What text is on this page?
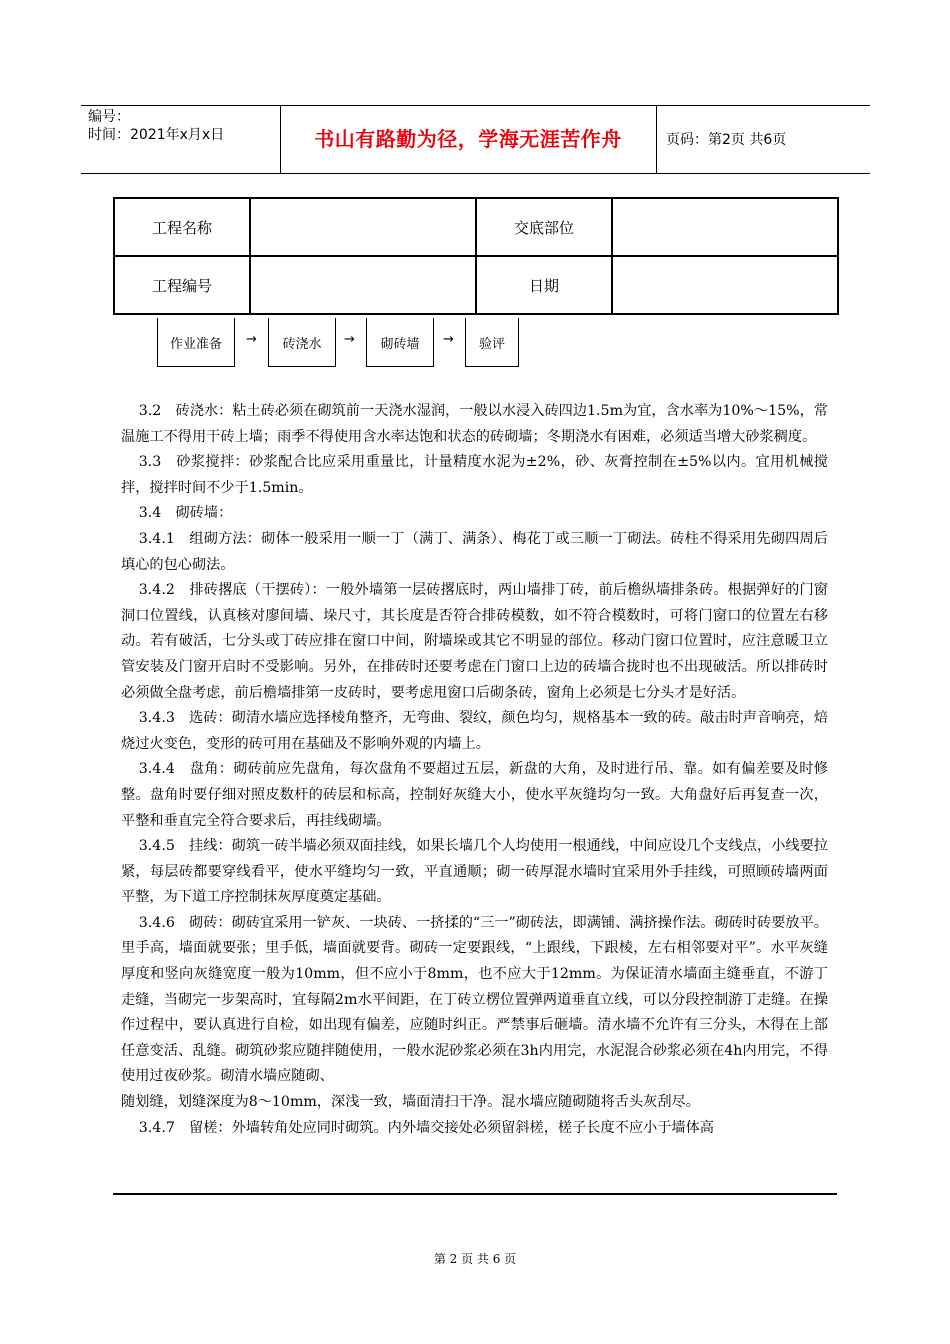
编号：
时间：2021年x月x日	书山有路勤为径，学海无涯苦作舟	页码：第2页 共6页
工程名称		交底部位	
工程编号		日期	
作业准备	→	砖浇水	→	砌砖墙	→	验评

3.2　砖浇水：粘土砖必须在砌筑前一天浇水湿润，一般以水浸入砖四边1.5m为宜，含水率为10%～15%，常温施工不得用干砖上墙；雨季不得使用含水率达饱和状态的砖砌墙；冬期浇水有困难，必须适当增大砂浆稠度。

3.3　砂浆搅拌：砂浆配合比应采用重量比，计量精度水泥为±2%，砂、灰膏控制在±5%以内。宜用机械搅拌，搅拌时间不少于1.5min。

3.4　砌砖墙：

3.4.1　组砌方法：砌体一般采用一顺一丁（满丁、满条）、梅花丁或三顺一丁砌法。砖柱不得采用先砌四周后填心的包心砌法。

3.4.2　排砖撂底（干摆砖）：一般外墙第一层砖撂底时，两山墙排丁砖，前后檐纵墙排条砖。根据弹好的门窗洞口位置线，认真核对廖间墙、垛尺寸，其长度是否符合排砖模数，如不符合模数时，可将门窗口的位置左右移动。若有破活，七分头或丁砖应排在窗口中间，附墙垛或其它不明显的部位。移动门窗口位置时，应注意暖卫立管安装及门窗开启时不受影响。另外，在排砖时还要考虑在门窗口上边的砖墙合拢时也不出现破活。所以排砖时必须做全盘考虑，前后檐墙排第一皮砖时，要考虑甩窗口后砌条砖，窗角上必须是七分头才是好活。

3.4.3　选砖：砌清水墙应选择棱角整齐，无弯曲、裂纹，颜色均匀，规格基本一致的砖。敲击时声音响亮，焙烧过火变色，变形的砖可用在基础及不影响外观的内墙上。

3.4.4　盘角：砌砖前应先盘角，每次盘角不要超过五层，新盘的大角，及时进行吊、靠。如有偏差要及时修整。盘角时要仔细对照皮数杆的砖层和标高，控制好灰缝大小，使水平灰缝均匀一致。大角盘好后再复查一次，平整和垂直完全符合要求后，再挂线砌墙。

3.4.5　挂线：砌筑一砖半墙必须双面挂线，如果长墙几个人均使用一根通线，中间应设几个支线点，小线要拉紧，每层砖都要穿线看平，使水平缝均匀一致，平直通顺；砌一砖厚混水墙时宜采用外手挂线，可照顾砖墙两面平整，为下道工序控制抹灰厚度奠定基础。

3.4.6　砌砖：砌砖宜采用一铲灰、一块砖、一挤揉的“三一”砌砖法，即满铺、满挤操作法。砌砖时砖要放平。里手高，墙面就要张；里手低，墙面就要背。砌砖一定要跟线，“上跟线，下跟棱，左右相邻要对平”。水平灰缝厚度和竖向灰缝宽度一般为10mm，但不应小于8mm，也不应大于12mm。为保证清水墙面主缝垂直，不游丁走缝，当砌完一步架高时，宜每隔2m水平间距，在丁砖立楞位置弹两道垂直立线，可以分段控制游丁走缝。在操作过程中，要认真进行自检，如出现有偏差，应随时纠正。严禁事后砸墙。清水墙不允许有三分头，木得在上部任意变活、乱缝。砌筑砂浆应随拌随使用，一般水泥砂浆必须在3h内用完，水泥混合砂浆必须在4h内用完，不得使用过夜砂浆。砌清水墙应随砌、

随划缝，划缝深度为8～10mm，深浅一致，墙面清扫干净。混水墙应随砌随将舌头灰刮尽。

3.4.7　留槎：外墙转角处应同时砌筑。内外墙交接处必须留斜槎，槎子长度不应小于墙体高

第 2 页 共 6 页
